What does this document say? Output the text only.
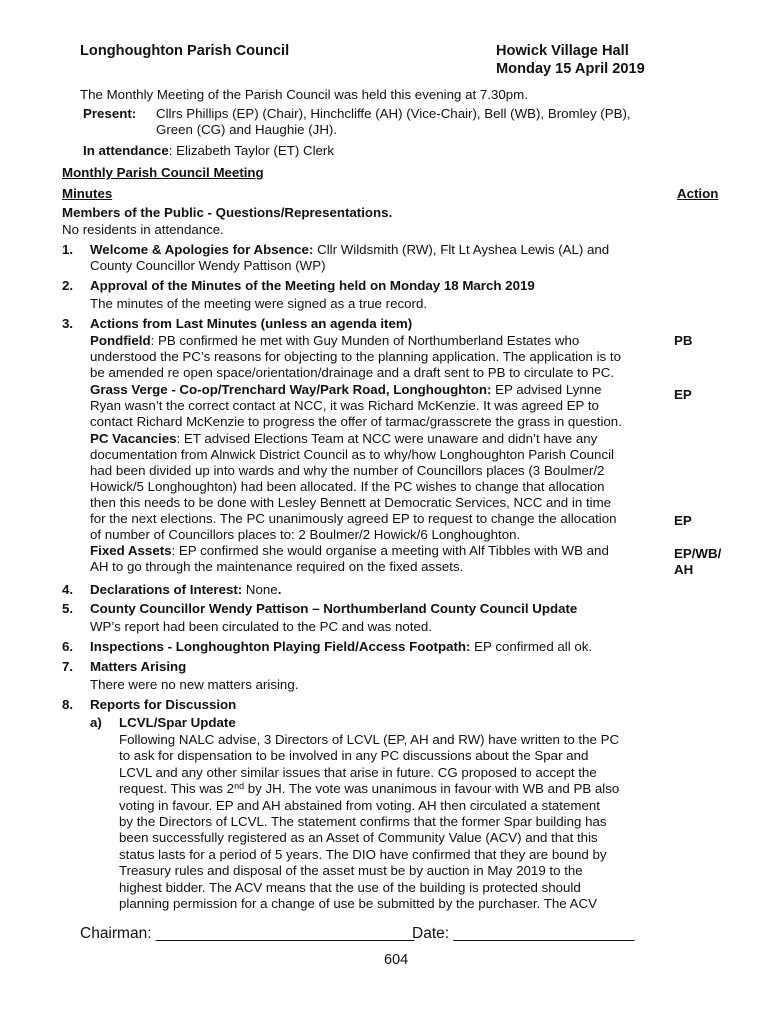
Longhoughton Parish Council	Howick Village Hall
Monday 15 April 2019
The Monthly Meeting of the Parish Council was held this evening at 7.30pm.
Present: Cllrs Phillips (EP) (Chair), Hinchcliffe (AH) (Vice-Chair), Bell (WB), Bromley (PB),
Green (CG) and Haughie (JH).
In attendance: Elizabeth Taylor (ET) Clerk
Monthly Parish Council Meeting
Minutes	Action
Members of the Public - Questions/Representations.
No residents in attendance.
1. Welcome & Apologies for Absence: Cllr Wildsmith (RW), Flt Lt Ayshea Lewis (AL) and
County Councillor Wendy Pattison (WP)
2. Approval of the Minutes of the Meeting held on Monday 18 March 2019
The minutes of the meeting were signed as a true record.
3. Actions from Last Minutes (unless an agenda item)
Pondfield: PB confirmed he met with Guy Munden of Northumberland Estates who
understood the PC’s reasons for objecting to the planning application. The application is to
be amended re open space/orientation/drainage and a draft sent to PB to circulate to PC.
PB
Grass Verge - Co-op/Trenchard Way/Park Road, Longhoughton: EP advised Lynne
Ryan wasn’t the correct contact at NCC, it was Richard McKenzie. It was agreed EP to
contact Richard McKenzie to progress the offer of tarmac/grasscrete the grass in question.
EP
PC Vacancies: ET advised Elections Team at NCC were unaware and didn’t have any
documentation from Alnwick District Council as to why/how Longhoughton Parish Council
had been divided up into wards and why the number of Councillors places (3 Boulmer/2
Howick/5 Longhoughton) had been allocated. If the PC wishes to change that allocation
then this needs to be done with Lesley Bennett at Democratic Services, NCC and in time
for the next elections. The PC unanimously agreed EP to request to change the allocation
of number of Councillors places to: 2 Boulmer/2 Howick/6 Longhoughton.
EP
Fixed Assets: EP confirmed she would organise a meeting with Alf Tibbles with WB and
AH to go through the maintenance required on the fixed assets.
EP/WB/
AH
4. Declarations of Interest: None.
5. County Councillor Wendy Pattison – Northumberland County Council Update
WP’s report had been circulated to the PC and was noted.
6. Inspections - Longhoughton Playing Field/Access Footpath: EP confirmed all ok.
7. Matters Arising
There were no new matters arising.
8. Reports for Discussion
a) LCVL/Spar Update
Following NALC advise, 3 Directors of LCVL (EP, AH and RW) have written to the PC
to ask for dispensation to be involved in any PC discussions about the Spar and
LCVL and any other similar issues that arise in future. CG proposed to accept the
request. This was 2nd by JH. The vote was unanimous in favour with WB and PB also
voting in favour. EP and AH abstained from voting. AH then circulated a statement
by the Directors of LCVL. The statement confirms that the former Spar building has
been successfully registered as an Asset of Community Value (ACV) and that this
status lasts for a period of 5 years. The DIO have confirmed that they are bound by
Treasury rules and disposal of the asset must be by auction in May 2019 to the
highest bidder. The ACV means that the use of the building is protected should
planning permission for a change of use be submitted by the purchaser. The ACV
Chairman: ______________________________
Date: _____________________
604
